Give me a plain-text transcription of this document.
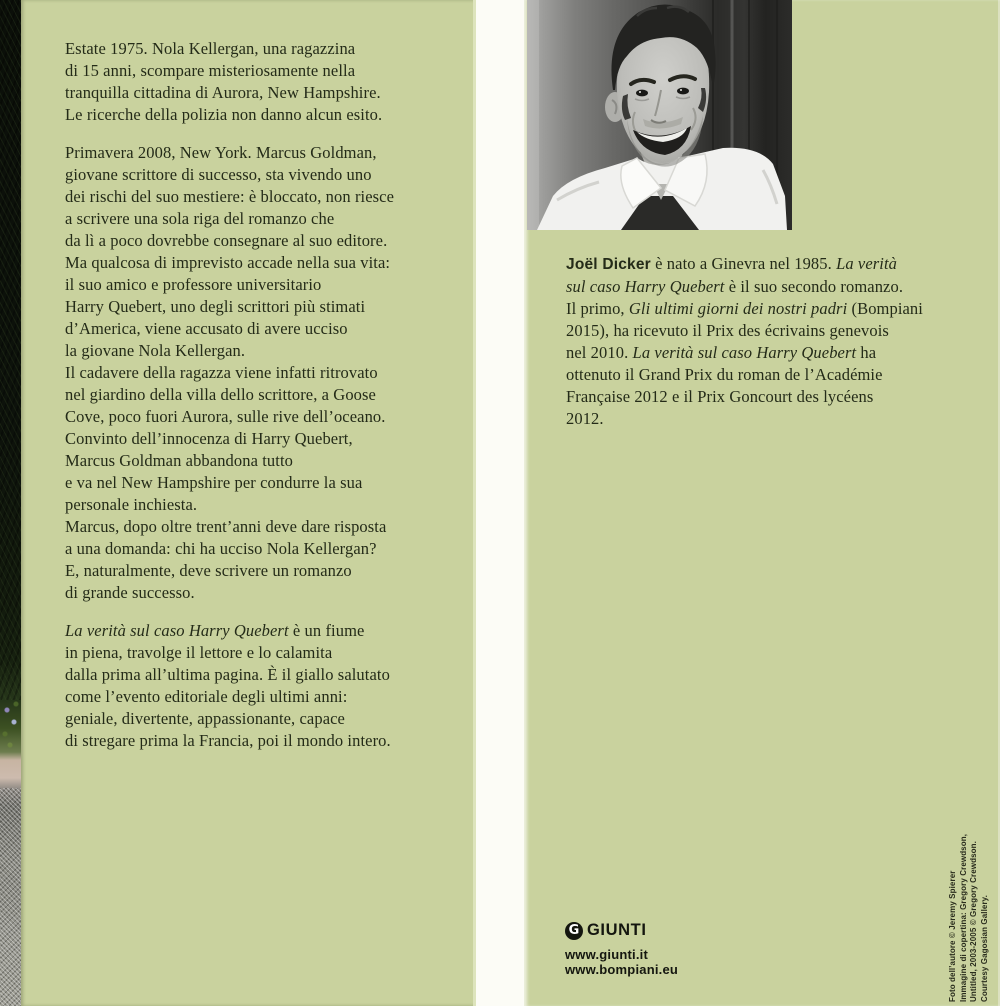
Estate 1975. Nola Kellergan, una ragazzina
di 15 anni, scompare misteriosamente nella
tranquilla cittadina di Aurora, New Hampshire.
Le ricerche della polizia non danno alcun esito.
Primavera 2008, New York. Marcus Goldman,
giovane scrittore di successo, sta vivendo uno
dei rischi del suo mestiere: è bloccato, non riesce
a scrivere una sola riga del romanzo che
da lì a poco dovrebbe consegnare al suo editore.
Ma qualcosa di imprevisto accade nella sua vita:
il suo amico e professore universitario
Harry Quebert, uno degli scrittori più stimati
d’America, viene accusato di avere ucciso
la giovane Nola Kellergan.
Il cadavere della ragazza viene infatti ritrovato
nel giardino della villa dello scrittore, a Goose
Cove, poco fuori Aurora, sulle rive dell’oceano.
Convinto dell’innocenza di Harry Quebert,
Marcus Goldman abbandona tutto
e va nel New Hampshire per condurre la sua
personale inchiesta.
Marcus, dopo oltre trent’anni deve dare risposta
a una domanda: chi ha ucciso Nola Kellergan?
E, naturalmente, deve scrivere un romanzo
di grande successo.
La verità sul caso Harry Quebert è un fiume
in piena, travolge il lettore e lo calamita
dalla prima all’ultima pagina. È il giallo salutato
come l’evento editoriale degli ultimi anni:
geniale, divertente, appassionante, capace
di stregare prima la Francia, poi il mondo intero.
Joël Dicker è nato a Ginevra nel 1985. La verità
sul caso Harry Quebert è il suo secondo romanzo.
Il primo, Gli ultimi giorni dei nostri padri (Bompiani
2015), ha ricevuto il Prix des écrivains genevois
nel 2010. La verità sul caso Harry Quebert ha
ottenuto il Grand Prix du roman de l’Académie
Française 2012 e il Prix Goncourt des lycéens
2012.
G GIUNTI
www.giunti.it
www.bompiani.eu	Foto dell’autore © Jeremy Spierer Immagine di copertina: Gregory Crewdson, Untitled, 2003-2005 © Gregory Crewdson. Courtesy Gagosian Gallery.
